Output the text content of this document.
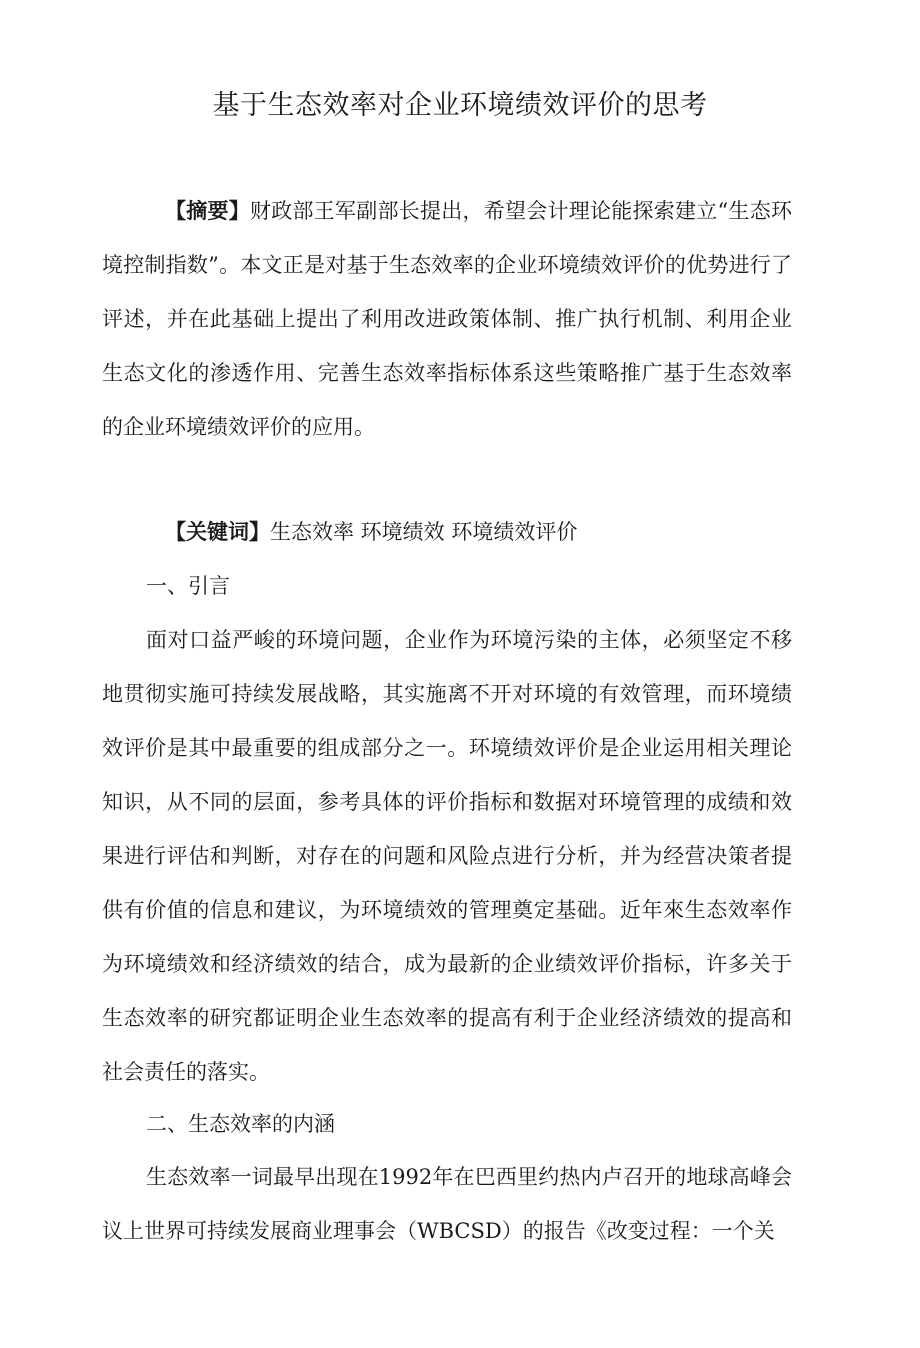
基于生态效率对企业环境绩效评价的思考
【摘要】财政部王军副部长提出，希望会计理论能探索建立“生态环境控制指数”。本文正是对基于生态效率的企业环境绩效评价的优势进行了评述，并在此基础上提出了利用改进政策体制、推广执行机制、利用企业生态文化的渗透作用、完善生态效率指标体系这些策略推广基于生态效率的企业环境绩效评价的应用。
【关键词】生态效率 环境绩效 环境绩效评价
一、引言
面对口益严峻的环境问题，企业作为环境污染的主体，必须坚定不移地贯彻实施可持续发展战略，其实施离不开对环境的有效管理，而环境绩效评价是其中最重要的组成部分之一。环境绩效评价是企业运用相关理论知识，从不同的层面，参考具体的评价指标和数据对环境管理的成绩和效果进行评估和判断，对存在的问题和风险点进行分析，并为经营决策者提供有价值的信息和建议，为环境绩效的管理奠定基础。近年來生态效率作为环境绩效和经济绩效的结合，成为最新的企业绩效评价指标，许多关于生态效率的研究都证明企业生态效率的提高有利于企业经济绩效的提高和社会责任的落实。
二、生态效率的内涵
生态效率一词最早出现在1992年在巴西里约热内卢召开的地球高峰会议上世界可持续发展商业理事会（WBCSD）的报告《改变过程：一个关
